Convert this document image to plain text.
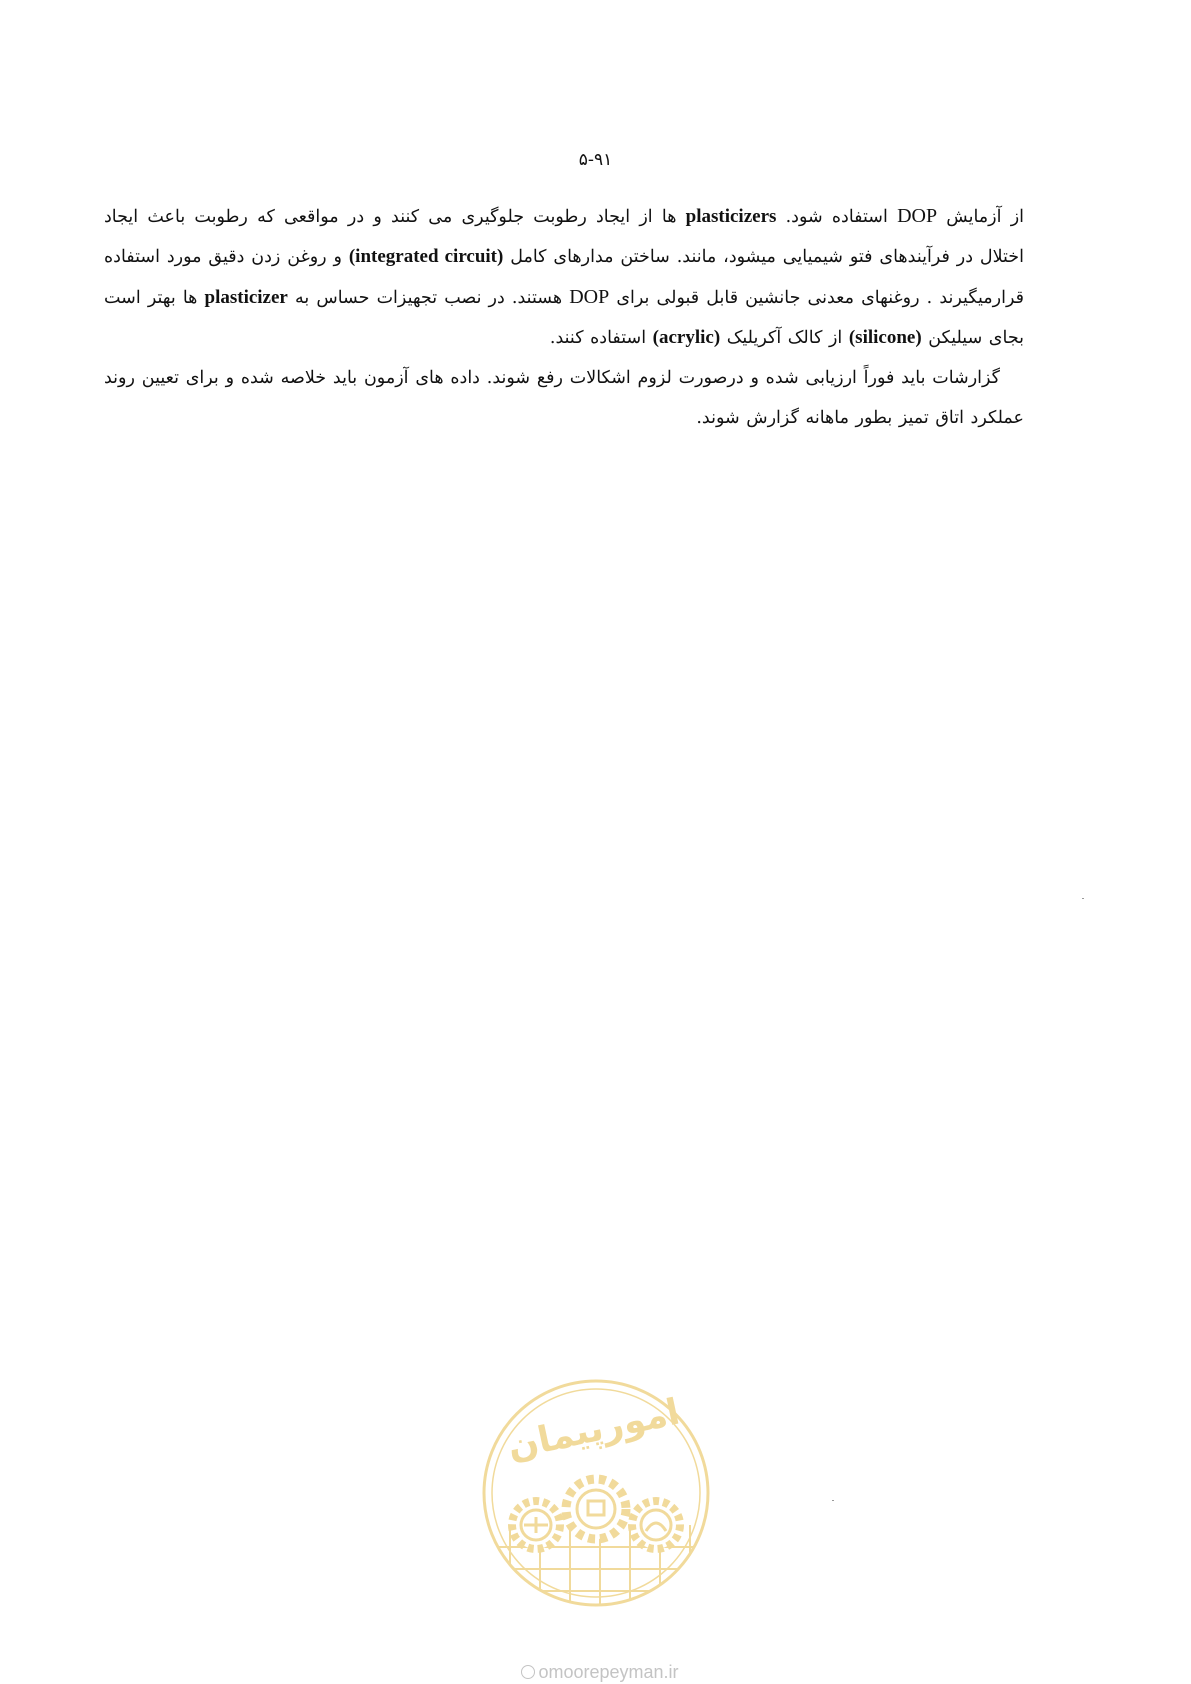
۵-۹۱

از آزمایش DOP استفاده شود. plasticizers ها از ایجاد رطوبت جلوگیری می کنند و در مواقعی که رطوبت باعث ایجاد اختلال در فرآیندهای فتو شیمیایی میشود، مانند. ساختن مدارهای کامل (integrated circuit) و روغن زدن دقیق مورد استفاده قرارمیگیرند . روغنهای معدنی جانشین قابل قبولی برای DOP هستند. در نصب تجهیزات حساس به plasticizer ها بهتر است بجای سیلیکن (silicone) از کالک آکریلیک (acrylic) استفاده کنند.

گزارشات باید فوراً ارزیابی شده و درصورت لزوم اشکالات رفع شوند. داده های آزمون باید خلاصه شده و برای تعیین روند عملکرد اتاق تمیز بطور ماهانه گزارش شوند.

امورپیمان
omoorepeyman.ir
